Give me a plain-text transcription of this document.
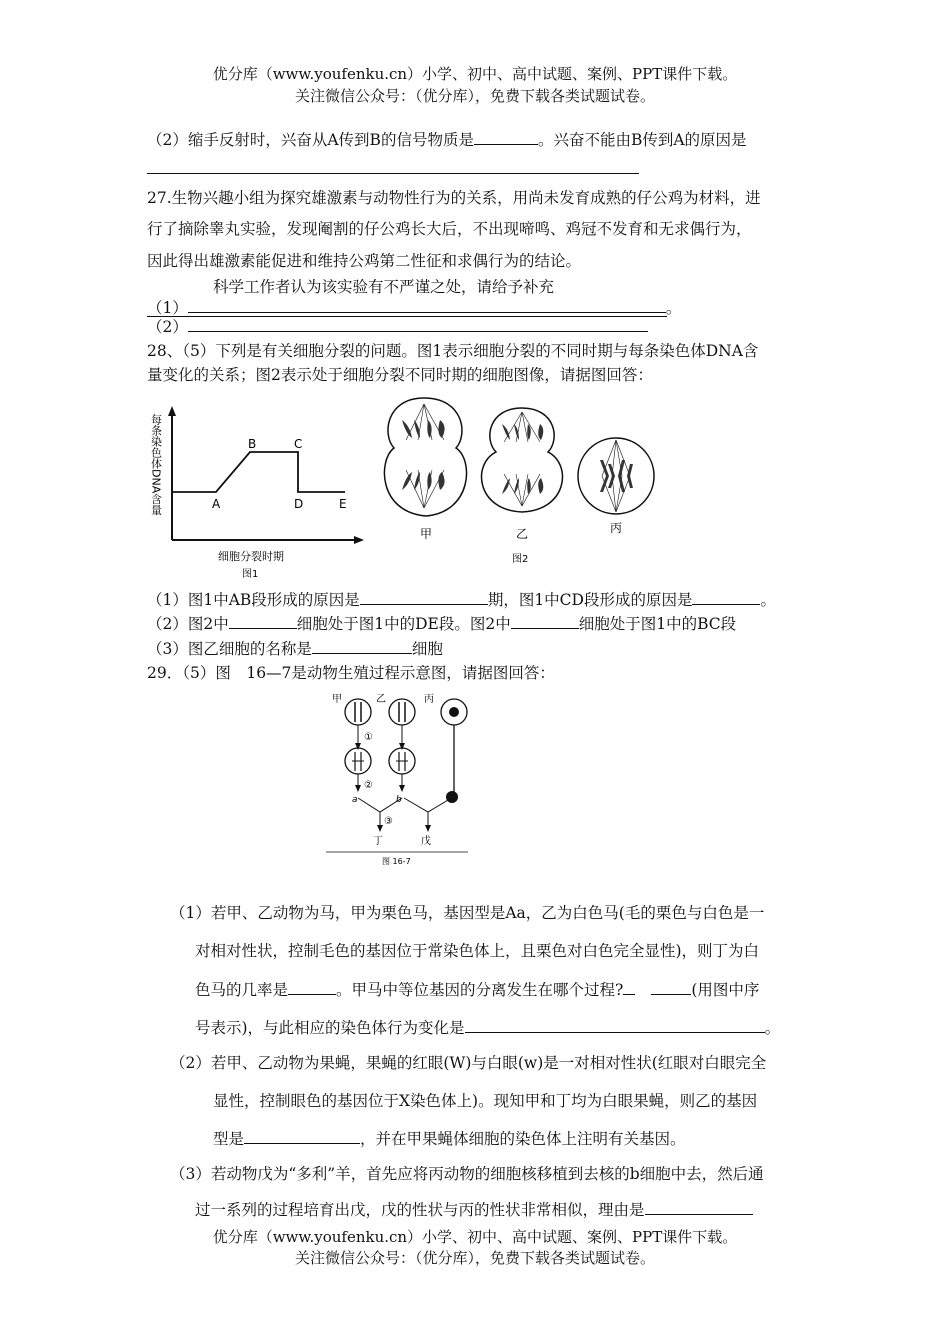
优分库（www.youfenku.cn）小学、初中、高中试题、案例、PPT课件下载。
关注微信公众号：（优分库），免费下载各类试题试卷。
（2）缩手反射时，兴奋从A传到B的信号物质是	。兴奋不能由B传到A的原因是
27.生物兴趣小组为探究雄激素与动物性行为的关系，用尚未发育成熟的仔公鸡为材料，进
行了摘除睾丸实验，发现阉割的仔公鸡长大后，不出现啼鸣、鸡冠不发育和无求偶行为，
因此得出雄激素能促进和维持公鸡第二性征和求偶行为的结论。
科学工作者认为该实验有不严谨之处，请给予补充
（1）	。
（2）
28、（5）下列是有关细胞分裂的问题。图1表示细胞分裂的不同时期与每条染色体DNA含
量变化的关系；图2表示处于细胞分裂不同时期的细胞图像，请据图回答：
每条染色体DNA含量	A
B	C
D	E
细胞分裂时期
图1
甲	乙	丙
图2
（1）图1中AB段形成的原因是	期，图1中CD段形成的原因是	。
（2）图2中	细胞处于图1中的DE段。图2中	细胞处于图1中的BC段
（3）图乙细胞的名称是	细胞
29．（5）图　16—7是动物生殖过程示意图，请据图回答：
甲	乙	丙
①
②
③
a	b
丁	戊
图 16-7
（1）若甲、乙动物为马，甲为栗色马，基因型是Aa，乙为白色马(毛的栗色与白色是一
对相对性状，控制毛色的基因位于常染色体上，且栗色对白色完全显性)，则丁为白
色马的几率是	。甲马中等位基因的分离发生在哪个过程?	(用图中序
号表示)，与此相应的染色体行为变化是	。
（2）若甲、乙动物为果蝇，果蝇的红眼(W)与白眼(w)是一对相对性状(红眼对白眼完全
显性，控制眼色的基因位于X染色体上)。现知甲和丁均为白眼果蝇，则乙的基因
型是	，并在甲果蝇体细胞的染色体上注明有关基因。
（3）若动物戊为“多利”羊，首先应将丙动物的细胞核移植到去核的b细胞中去，然后通
过一系列的过程培育出戊，戊的性状与丙的性状非常相似，理由是
优分库（www.youfenku.cn）小学、初中、高中试题、案例、PPT课件下载。
关注微信公众号：（优分库），免费下载各类试题试卷。
